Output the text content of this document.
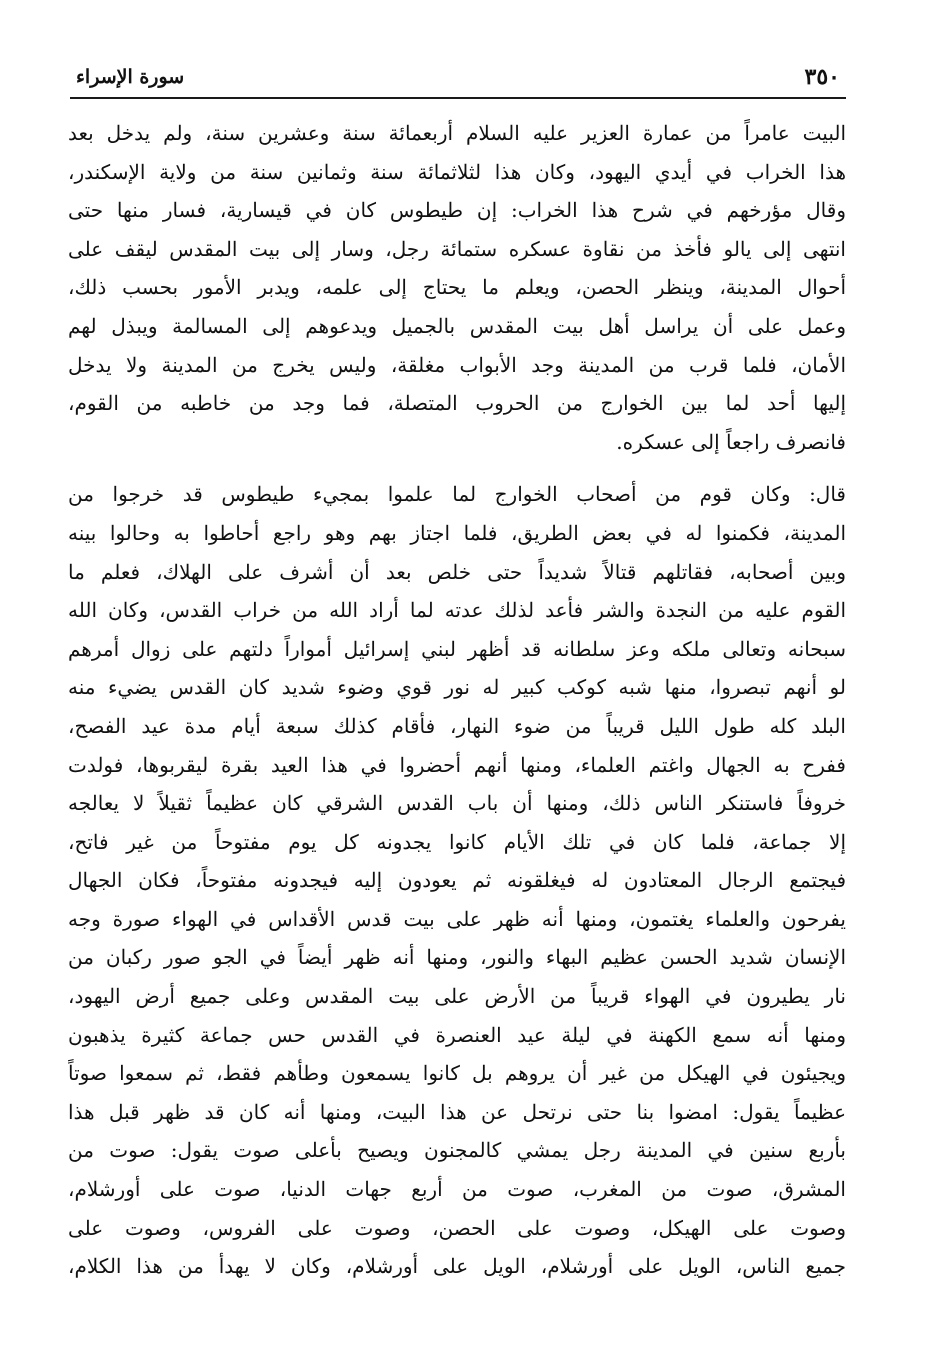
٣٥٠
سورة الإسراء
البيت عامراً من عمارة العزير عليه السلام أربعمائة سنة وعشرين سنة، ولم يدخل بعد
هذا الخراب في أيدي اليهود، وكان هذا لثلاثمائة سنة وثمانين سنة من ولاية الإسكندر،
وقال مؤرخهم في شرح هذا الخراب: إن طيطوس كان في قيسارية، فسار منها حتى
انتهى إلى يالو فأخذ من نقاوة عسكره ستمائة رجل، وسار إلى بيت المقدس ليقف على
أحوال المدينة، وينظر الحصن، ويعلم ما يحتاج إلى علمه، ويدبر الأمور بحسب ذلك،
وعمل على أن يراسل أهل بيت المقدس بالجميل ويدعوهم إلى المسالمة ويبذل لهم
الأمان، فلما قرب من المدينة وجد الأبواب مغلقة، وليس يخرج من المدينة ولا يدخل
إليها أحد لما بين الخوارج من الحروب المتصلة، فما وجد من خاطبه من القوم،
فانصرف راجعاً إلى عسكره.
قال: وكان قوم من أصحاب الخوارج لما علموا بمجيء طيطوس قد خرجوا من
المدينة، فكمنوا له في بعض الطريق، فلما اجتاز بهم وهو راجع أحاطوا به وحالوا بينه
وبين أصحابه، فقاتلهم قتالاً شديداً حتى خلص بعد أن أشرف على الهلاك، فعلم ما
القوم عليه من النجدة والشر فأعد لذلك عدته لما أراد الله من خراب القدس، وكان الله
سبحانه وتعالى ملكه وعز سلطانه قد أظهر لبني إسرائيل أمواراً دلتهم على زوال أمرهم
لو أنهم تبصروا، منها شبه كوكب كبير له نور قوي وضوء شديد كان القدس يضيء منه
البلد كله طول الليل قريباً من ضوء النهار، فأقام كذلك سبعة أيام مدة عيد الفصح،
ففرح به الجهال واغتم العلماء، ومنها أنهم أحضروا في هذا العيد بقرة ليقربوها، فولدت
خروفاً فاستنكر الناس ذلك، ومنها أن باب القدس الشرقي كان عظيماً ثقيلاً لا يعالجه
إلا جماعة، فلما كان في تلك الأيام كانوا يجدونه كل يوم مفتوحاً من غير فاتح،
فيجتمع الرجال المعتادون له فيغلقونه ثم يعودون إليه فيجدونه مفتوحاً، فكان الجهال
يفرحون والعلماء يغتمون، ومنها أنه ظهر على بيت قدس الأقداس في الهواء صورة وجه
الإنسان شديد الحسن عظيم البهاء والنور، ومنها أنه ظهر أيضاً في الجو صور ركبان من
نار يطيرون في الهواء قريباً من الأرض على بيت المقدس وعلى جميع أرض اليهود،
ومنها أنه سمع الكهنة في ليلة عيد العنصرة في القدس حس جماعة كثيرة يذهبون
ويجيئون في الهيكل من غير أن يروهم بل كانوا يسمعون وطأهم فقط، ثم سمعوا صوتاً
عظيماً يقول: امضوا بنا حتى نرتحل عن هذا البيت، ومنها أنه كان قد ظهر قبل هذا
بأربع سنين في المدينة رجل يمشي كالمجنون ويصيح بأعلى صوت يقول: صوت من
المشرق، صوت من المغرب، صوت من أربع جهات الدنيا، صوت على أورشلام،
وصوت على الهيكل، وصوت على الحصن، وصوت على الفروس، وصوت على
جميع الناس، الويل على أورشلام، الويل على أورشلام، وكان لا يهدأ من هذا الكلام،
